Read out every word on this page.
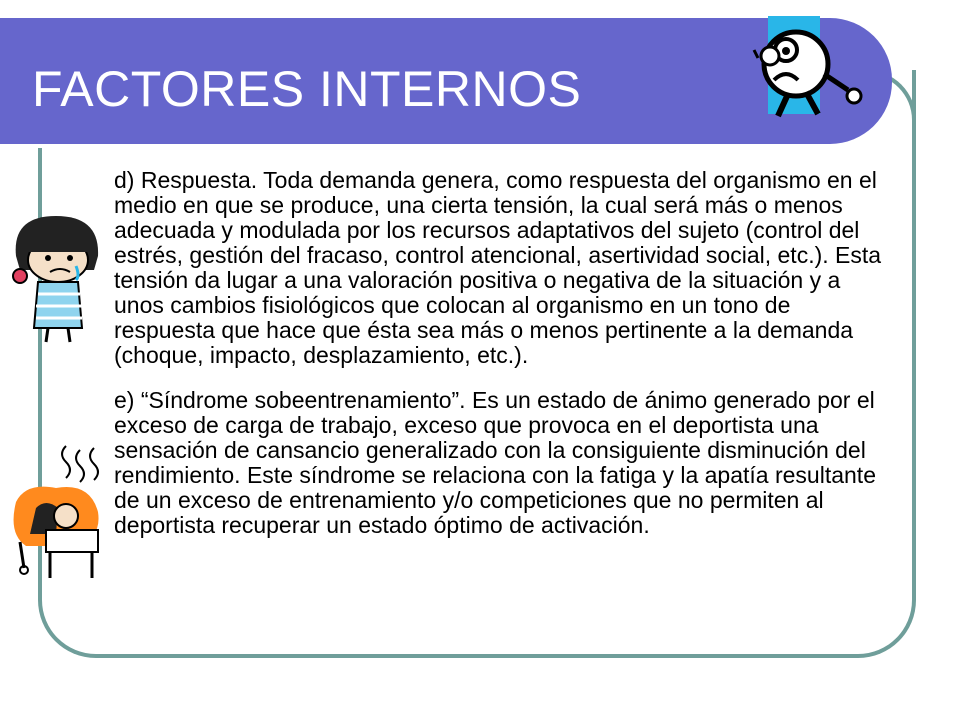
FACTORES INTERNOS

d) Respuesta. Toda demanda genera, como respuesta del organismo en el medio en que se produce, una cierta tensión, la cual será más o menos adecuada y modulada por los recursos adaptativos del sujeto (control del estrés, gestión del fracaso, control atencional, asertividad social, etc.). Esta tensión da lugar a una valoración positiva o negativa de la situación y a unos cambios fisiológicos que colocan al organismo en un tono de respuesta que hace que ésta sea más o menos pertinente a la demanda (choque, impacto, desplazamiento, etc.).

e) “Síndrome sobeentrenamiento”. Es un estado de ánimo generado por el exceso de carga de trabajo, exceso que provoca en el deportista una sensación de cansancio generalizado con la consiguiente disminución del rendimiento. Este síndrome se relaciona con la fatiga y la apatía resultante de un exceso de entrenamiento y/o competiciones que no permiten al deportista recuperar un estado óptimo de activación.
